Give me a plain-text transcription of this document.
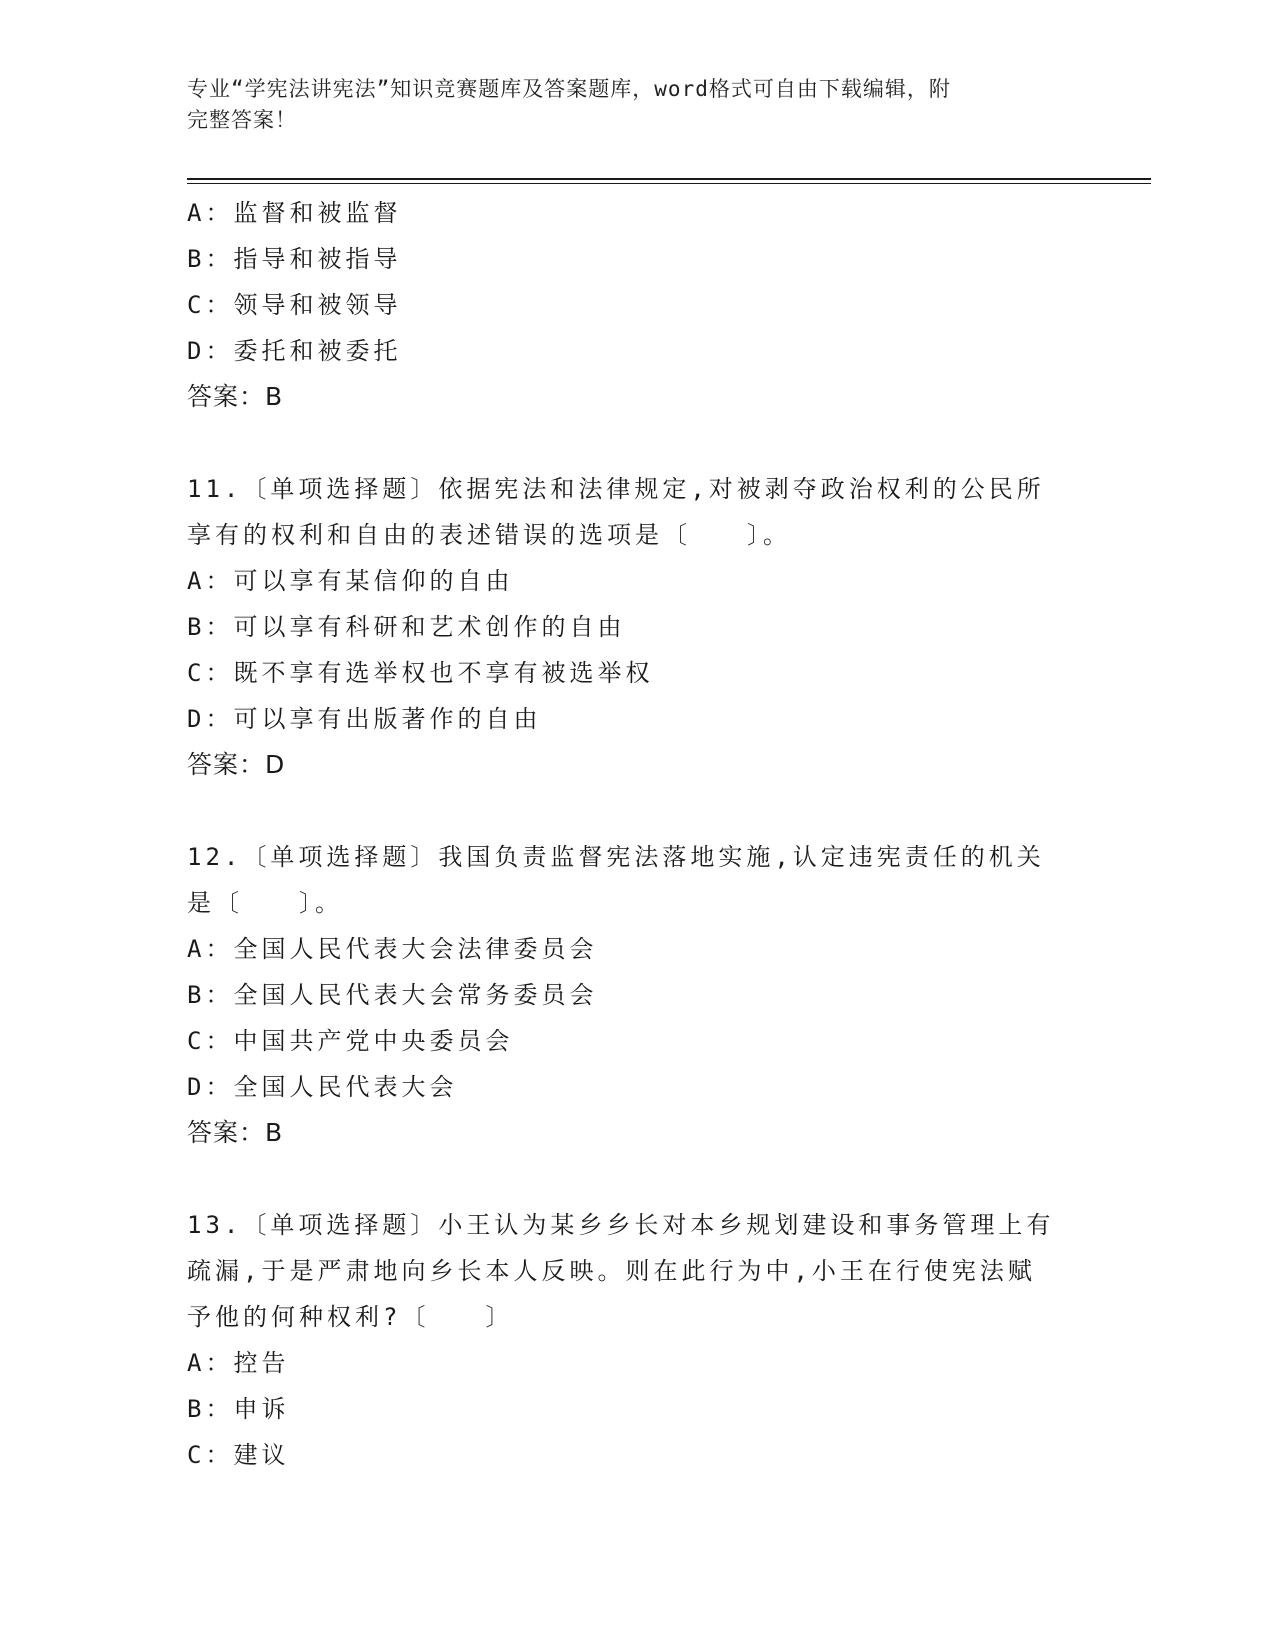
专业“学宪法讲宪法”知识竞赛题库及答案题库，word格式可自由下载编辑，附
完整答案！
A：监督和被监督
B：指导和被指导
C：领导和被领导
D：委托和被委托
答案：B
11.〔单项选择题〕依据宪法和法律规定,对被剥夺政治权利的公民所
享有的权利和自由的表述错误的选项是〔　　〕。
A：可以享有某信仰的自由
B：可以享有科研和艺术创作的自由
C：既不享有选举权也不享有被选举权
D：可以享有出版著作的自由
答案：D
12.〔单项选择题〕我国负责监督宪法落地实施,认定违宪责任的机关
是〔　　〕。
A：全国人民代表大会法律委员会
B：全国人民代表大会常务委员会
C：中国共产党中央委员会
D：全国人民代表大会
答案：B
13.〔单项选择题〕小王认为某乡乡长对本乡规划建设和事务管理上有
疏漏,于是严肃地向乡长本人反映。则在此行为中,小王在行使宪法赋
予他的何种权利?〔　　〕
A：控告
B：申诉
C：建议
